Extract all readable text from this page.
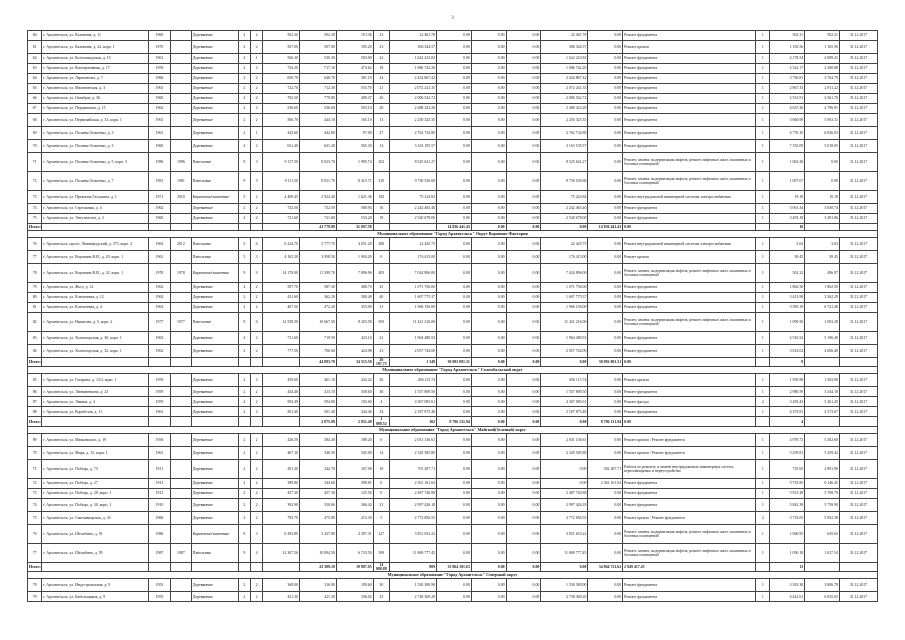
3
60	г. Архангельск, ул. Калинина, д. 11	1960		Деревянные	2	2	502.30	502.30	19.136	23	22 461.78	0.00	0.00	0.00	22 461.78	0.00	Ремонт фундамента	1	502.31	502.31	31.12.2017
61	г. Архангельск, ул. Калинина, д. 22, корп. 1	1970		Деревянные	2	2	507.00	507.00	185.20	23	306 344.57	0.00	0.00	0.00	306 344.57	0.00	Ремонт кровли	1	1 165.56	1 165.56	31.12.2017
62	г. Архангельск, ул. Котлозаводская, д. 15	1961		Деревянные	2	1	566.30	530.30	503.00	22	1 622 223.82	0.00	0.00	0.00	1 622 223.82	0.00	Ремонт фундамента	1	4 178.54	4 089.41	31.12.2017
63	г. Архангельск, ул. Кооперативная, д. 17	1959		Деревянные	2	2	734.20	717.10	474.62	18	1 686 742.20	0.00	0.00	0.00	1 686 742.20	0.00	Ремонт фундамента	1	2 322.17	2 300.88	31.12.2017
64	г. Архангельск, ул. Лермонтова, д. 7	1960		Деревянные	2	2	650.70	646.70	381.10	24	2 432 867.42	0.00	0.00	0.00	2 432 867.42	0.00	Ремонт фундамента	1	3 750.81	3 764.79	31.12.2017
65	г. Архангельск, ул. Малиновская, д. 3	1961		Деревянные	2	2	722.70	712.30	553.70	21	2 072 241.35	0.00	0.00	0.00	2 072 241.35	0.00	Ремонт фундамента	1	2 867.33	2 911.22	31.12.2017
66	г. Архангельск, ул. Октябрят, д. 36	1960		Деревянные	2	2	792.50	779.80	490.47	26	2 006 542.72	0.00	0.00	0.00	2 006 542.72	0.00	Ремонт фундамента	1	2 531.91	2 561.70	31.12.2017
67	г. Архангельск, ул. Першинская, д. 15	1962		Деревянные	2	2	536.60	536.60	503.10	20	2 488 323.28	0.00	0.00	0.00	2 488 323.28	0.00	Ремонт фундамента	1	4 637.20	4 796.91	31.12.2017
68	г. Архангельск, ул. Первомайская, д. 33, корп. 1	1961		Деревянные	2	2	566.70	444.10	165.10	13	2 250 325.35	0.00	0.00	0.00	2 250 325.35	0.00	Ремонт фундамента	1	3 660.90	5 063.31	31.12.2017
69	г. Архангельск, ул. Полины Осипенко, д. 3	1961		Деревянные	2	1	442.60	442.60	97.00	27	2 762 734.80	0.00	0.00	0.00	2 762 734.80	0.00	Ремонт фундамента	1	6 770.10	6 026.03	31.12.2017
70	г. Архангельск, ул. Полины Осипенко, д. 3	1960		Деревянные	2	2	631.40	631.20	565.30	14	3 163 195.57	0.00	0.00	0.00	3 163 195.57	0.00	Ремонт фундамента	1	7 355.09	5 018.05	31.12.2017
71	г. Архангельск, ул. Полины Осипенко, д. 5, корп. 3	1986	1986	Панельные	9	3	9 117.50	8 023.70	1 985.74	202	8 525 641.27	0.00	0.00	0.00	8 525 641.27	0.00	Ремонт, замена, модернизация лифтов, ремонт лифтовых шахт, машинных и блочных помещений	1	1 063.28	0.00	31.12.2017
72	г. Архангельск, ул. Полины Осипенко, д. 7	1981	1981	Панельные	9	5	9 111.50	8 051.70	8 415.71	210	9 730 530.68	0.00	0.00	0.00	9 730 530.68	0.00	Ремонт, замена, модернизация лифтов, ремонт лифтовых шахт, машинных и блочных помещений	1	1 097.07	0.00	31.12.2017
73	г. Архангельск, ул. Прокопия Галушина, д. 1	1971	2010	Кирпичные/каменные	5	2	4 469.45	2 922.40	1 621.36	182	75 224.84	0.00	0.00	0.00	75 224.84	0.00	Ремонт внутридомовой инженерной системы электроснабжения	1	19.18	19.18	31.12.2017
74	г. Архангельск, ул. Стрелковая, д. 4	1962		Деревянные	2	2	732.50	732.50	580.93	16	2 242 465.40	0.00	0.00	0.00	2 242 465.40	0.00	Ремонт фундамента	1	3 061.34	3 030.74	31.12.2017
75	г. Архангельск, ул. Энтузиастов, д. 3	1960		Деревянные	2	2	721.60	721.60	533.20	18	2 520 678.00	0.00	0.00	0.00	2 520 678.00	0.00	Ремонт фундамента	1	3 493.18	3 491.86	31.12.2017
Итого:								41 779.88	31 097.58			14 836 441.43	0.00	0.00	0.00	14 836 441.43	0.00		10		
Муниципальное образование "Город Архангельск" Округ Варавино-Фактория																					
76	г. Архангельск, просп. Ленинградский, д. 375, корп. 2	1963	2012	Панельные	5	6	6 224.70	5 777.70	4 051.20	280	22 445.75	0.00	0.00	0.00	22 445.75	0.00	Ремонт внутридомовой инженерной системы электроснабжения	1	3.63	3.63	31.12.2017
77	г. Архангельск, ул. Воронина В.И., д. 29, корп. 1	1961		Панельные	5	3	4 165.20	3 958.50	1 904.20	0	176 415.00	0.00	0.00	0.00	176 415.00	0.00	Ремонт кровли	1	39.45	39.45	31.12.2017
78	г. Архангельск, ул. Воронина В.И., д. 32, корп. 1	1978	1978	Кирпичные/каменные	9	9	14 178.00	11 299.70	7 896.96	405	7 024 896.00	0.00	0.00	0.00	7 024 896.00	0.00	Ремонт, замена, модернизация лифтов, ремонт лифтовых шахт, машинных и блочных помещений	1	502.32	496.97	31.12.2017
79	г. Архангельск, ул. Жосу, д. 14	1962		Деревянные	2	2	587.70	587.30	408.70	25	1 071 756.00	0.00	0.00	0.00	1 071 756.00	0.00	Ремонт фундамента	1	1 862.50	1 862.50	31.12.2017
80	г. Архангельск, ул. Клепачевая, д. 12	1962		Деревянные	2	2	431.60	362.20	300.40	40	1 607 775.37	0.00	0.00	0.00	1 607 775.37	0.00	Ремонт фундамента	1	3 413.98	3 562.29	31.12.2017
81	г. Архангельск, ул. Клепачевая, д. 4	1962		Деревянные	2	2	467.50	472.20	353.00	31	1 966 156.00	0.00	0.00	0.00	1 966 156.00	0.00	Ремонт фундамента	1	3 583.19	6 741.48	31.12.2017
82	г. Архангельск, ул. Никитова, д. 5, корп. 2	1977	1977	Панельные	9	6	12 558.50	10 667.50	8 203.50	505	11 421 216.00	0.00	0.00	0.00	11 421 216.00	0.00	Ремонт, замена, модернизация лифтов, ремонт лифтовых шахт, машинных и блочных помещений	1	1 099.50	1 003.28	31.12.2017
83	г. Архангельск, ул. Холмогорская, д. 30, корп. 1	1963		Деревянные	2	2	731.60	719.50	423.16	21	1 964 480.53	0.00	0.00	0.00	1 964 480.53	0.00	Ремонт фундамента	1	2 510.54	5 196.40	31.12.2017
84	г. Архангельск, ул. Холмогорская, д. 32, корп. 1	1962		Деревянные	2	2	777.50	706.60	424.98	23	2 057 744.00	0.00	0.00	0.00	2 057 744.00	0.00	Ремонт фундамента	1	3 614.02	4 066.40	31.12.2017
Итого:								44 083.70	34 515.50	26 197.75	1 349	30 092 001.31	0.00	0.00	0.00	30 092 001.31	0.00		9		
Муниципальное образование "Город Архангельск" Соломбальский округ																					
85	г. Архангельск, ул. Гагарина, д. 13/2, корп. 1	1959		Деревянные	2	2	459.60	461.10	432.42	26	456 115.74	0.00	0.00	0.00	456 115.74	0.00	Ремонт кровли	1	1 950.98	1 563.90	31.12.2017
86	г. Архангельск, ул. Литвиненкова, д. 23	1959		Деревянные	2	2	444.40	413.10	358.60	38	1 557 809.50	0.00	0.00	0.00	1 557 809.50	0.00	Ремонт фундамента	1	2 980.59	3 344.19	31.12.2017
87	г. Архангельск, ул. Левина, д. 4	1959		Деревянные	2	2	592.49	594.80	192.60	4	4 367 085.61	0.00	0.00	0.00	4 367 085.61	0.00	Ремонт фасада	2	3 293.43	5 261.45	31.12.2017
88	г. Архангельск, ул. Корабелов, д. 11	1961		Деревянные	2	2	501.40	501.40	344.46	34	2 187 875.48	0.00	0.00	0.00	2 187 875.48	0.00	Ремонт фундамента	1	4 373.81	4 373.67	31.12.2017
Итого:								2 075.89	2 051.49	1 088.52	102	8 796 131.94	0.00	0.00	0.00	8 796 131.94	0.00		4		
Муниципальное образование "Город Архангельск" Майский(Зеленый) округ																					
89	г. Архангельск, ул. Маяковского, д. 19	1956		Деревянные	2	2	426.50	384.40	188.20	0	2 031 136.61	0.00	0.00	0.00	2 031 136.61	0.00	Ремонт кровли / Ремонт фундамента	1	4 978.73	5 302.60	31.12.2017
70	г. Архангельск, ул. Мира, д. 15, корп. 1	1961		Деревянные	2	2	467.10	346.50	345.00	14	2 329 585.80	0.00	0.00	0.00	2 329 585.80	0.00	Ремонт кровли / Ремонт фундамента	1	5 259.81	5 259.42	31.12.2017
71	г. Архангельск, ул. Победы, д. 73	1911		Деревянные	2	2	291.20	242.70	167.08	10	701 287.71	0.00	0.00	0.00	0.00	302 287.71	Работы по ремонту и замене внутридомовых инженерных систем, перепланировка и переустройство	1	735.65	2 891.96	31.12.2017
72	г. Архангельск, ул. Победы, д. 27	1913		Деревянные	2	2	399.80	344.60	398.81	0	2 361 161.04	0.00	0.00	0.00	0.00	2 361 161.04	Ремонт фундамента	1	5 735.85	6 146.45	31.12.2017
73	г. Архангельск, ул. Победы, д. 28, корп. 1	1913		Деревянные	2	2	457.30	457.30	125.50	0	2 487 740.88	0.00	0.00	0.00	2 487 740.88	0.00	Ремонт фундамента	1	5 913.38	5 708.79	31.12.2017
74	г. Архангельск, ул. Победы, д. 30, корп. 1	1910		Деревянные	2	2	392.90	350.60	366.42	21	2 997 426.18	0.00	0.00	0.00	2 997 426.18	0.00	Ремонт фундамента	1	5 842.39	5 759.90	31.12.2017
75	г. Архангельск, ул. Сыктывкарская, д. 43	1960		Деревянные	2	2	795.70	475.80	215.30	5	2 772 856.55	0.00	0.00	0.00	2 772 856.55	0.00	Ремонт кровли / Ремонт фундамента	2	3 735.05	5 952.38	31.12.2017
76	г. Архангельск, ул. Штомбина, д. 91	1986		Кирпичные/каменные	9	3	6 393.80	3 427.80	4 397.31	227	3 851 653.22	0.00	0.00	0.00	3 851 653.22	0.00	Ремонт, замена, модернизация лифтов, ремонт лифтовых шахт, машинных и блочных помещений	1	1 060.95	645.65	31.12.2017
77	г. Архангельск, ул. Штомбина, д. 95	1987	1987	Панельные	9	4	12 307.56	10 894.50	6 723.50	509	11 869 777.45	0.00	0.00	0.00	11 869 777.45	0.00	Ремонт, замена, модернизация лифтов, ремонт лифтовых шахт, машинных и блочных помещений	1	1 050.18	1 027.54	31.12.2017
Итого:								22 309.18	19 887.05	14 008.88	809	33 864 101.63	0.00	0.00	0.00	34 864 721.62	2 949 417.25		13		
Муниципальное образование "Город Архангельск" Северный округ																					
78	г. Архангельск, ул. Индустриальная, д. 9	1953		Деревянные	2	2	368.00	316.90	189.60	30	1 530 380.90	0.00	0.00	0.00	1 530 380.90	0.00	Ремонт фундамента	1	3 393.38	3 806.79	31.12.2017
79	г. Архангельск, ул. Кабельщиков, д. 9	1955		Деревянные	2	2	421.30	421.30	336.02	23	2 738 369.20	0.00	0.00	0.00	2 738 369.20	0.00	Ремонт фундамента	1	6 441.61	6 035.65	31.12.2017
